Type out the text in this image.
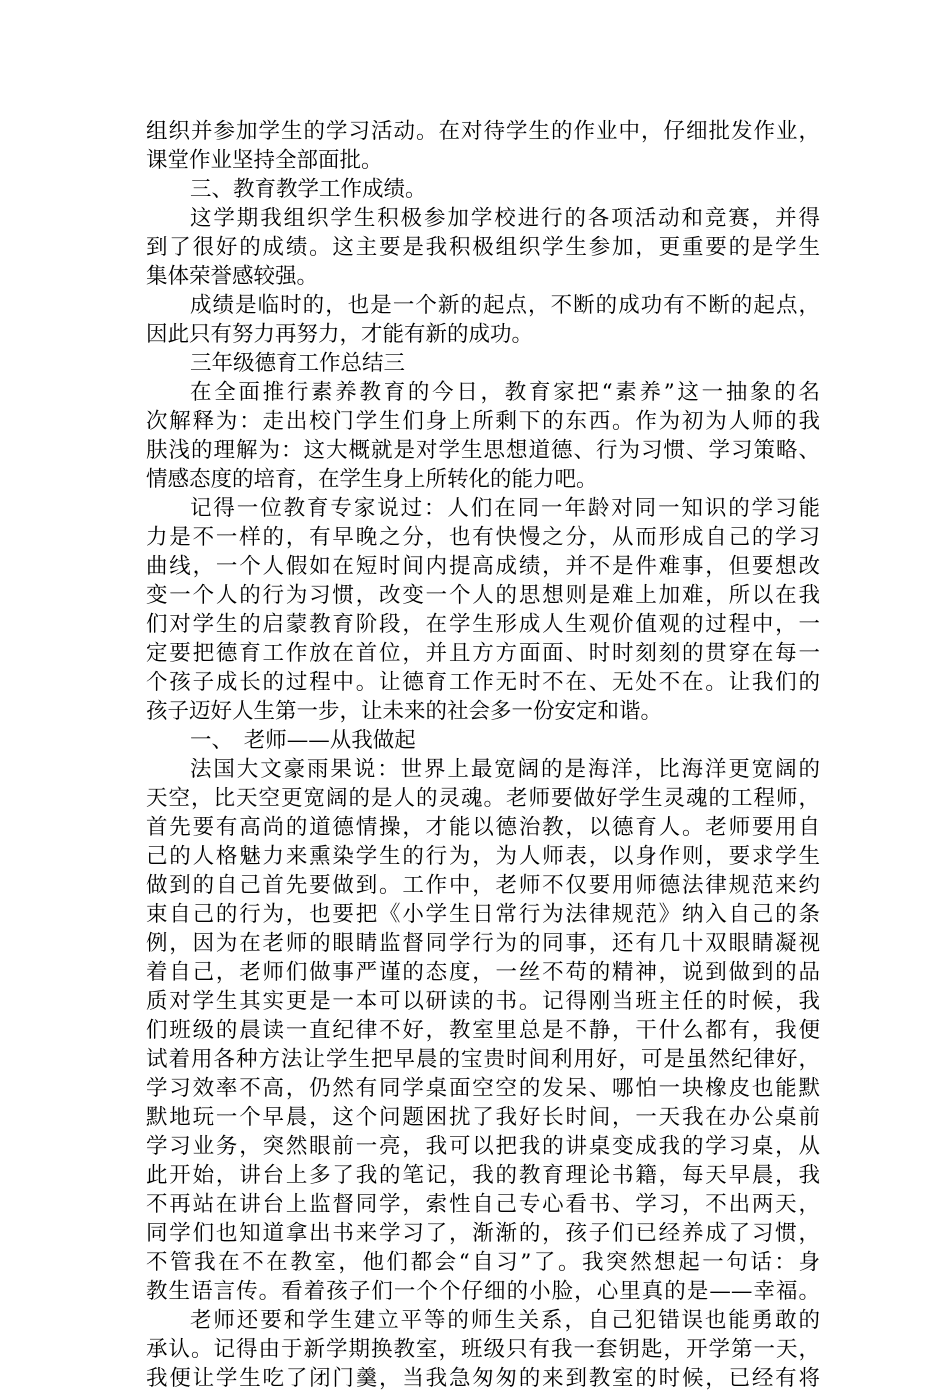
组织并参加学生的学习活动。在对待学生的作业中，仔细批发作业，
课堂作业坚持全部面批。
三、教育教学工作成绩。
这学期我组织学生积极参加学校进行的各项活动和竞赛，并得
到了很好的成绩。这主要是我积极组织学生参加，更重要的是学生
集体荣誉感较强。
成绩是临时的，也是一个新的起点，不断的成功有不断的起点，
因此只有努力再努力，才能有新的成功。
三年级德育工作总结三
在全面推行素养教育的今日，教育家把“素养”这一抽象的名
次解释为：走出校门学生们身上所剩下的东西。作为初为人师的我
肤浅的理解为：这大概就是对学生思想道德、行为习惯、学习策略、
情感态度的培育，在学生身上所转化的能力吧。
记得一位教育专家说过：人们在同一年龄对同一知识的学习能
力是不一样的，有早晚之分，也有快慢之分，从而形成自己的学习
曲线，一个人假如在短时间内提高成绩，并不是件难事，但要想改
变一个人的行为习惯，改变一个人的思想则是难上加难，所以在我
们对学生的启蒙教育阶段，在学生形成人生观价值观的过程中，一
定要把德育工作放在首位，并且方方面面、时时刻刻的贯穿在每一
个孩子成长的过程中。让德育工作无时不在、无处不在。让我们的
孩子迈好人生第一步，让未来的社会多一份安定和谐。
一、　老师——从我做起
法国大文豪雨果说：世界上最宽阔的是海洋，比海洋更宽阔的
天空，比天空更宽阔的是人的灵魂。老师要做好学生灵魂的工程师，
首先要有高尚的道德情操，才能以德治教，以德育人。老师要用自
己的人格魅力来熏染学生的行为，为人师表，以身作则，要求学生
做到的自己首先要做到。工作中，老师不仅要用师德法律规范来约
束自己的行为，也要把《小学生日常行为法律规范》纳入自己的条
例，因为在老师的眼睛监督同学行为的同事，还有几十双眼睛凝视
着自己，老师们做事严谨的态度，一丝不苟的精神，说到做到的品
质对学生其实更是一本可以研读的书。记得刚当班主任的时候，我
们班级的晨读一直纪律不好，教室里总是不静，干什么都有，我便
试着用各种方法让学生把早晨的宝贵时间利用好，可是虽然纪律好，
学习效率不高，仍然有同学桌面空空的发呆、哪怕一块橡皮也能默
默地玩一个早晨，这个问题困扰了我好长时间，一天我在办公桌前
学习业务，突然眼前一亮，我可以把我的讲桌变成我的学习桌，从
此开始，讲台上多了我的笔记，我的教育理论书籍，每天早晨，我
不再站在讲台上监督同学，索性自己专心看书、学习，不出两天，
同学们也知道拿出书来学习了，渐渐的，孩子们已经养成了习惯，
不管我在不在教室，他们都会“自习”了。我突然想起一句话：身
教生语言传。看着孩子们一个个仔细的小脸，心里真的是——幸福。
老师还要和学生建立平等的师生关系，自己犯错误也能勇敢的
承认。记得由于新学期换教室，班级只有我一套钥匙，开学第一天，
我便让学生吃了闭门羹，当我急匆匆的来到教室的时候，已经有将
